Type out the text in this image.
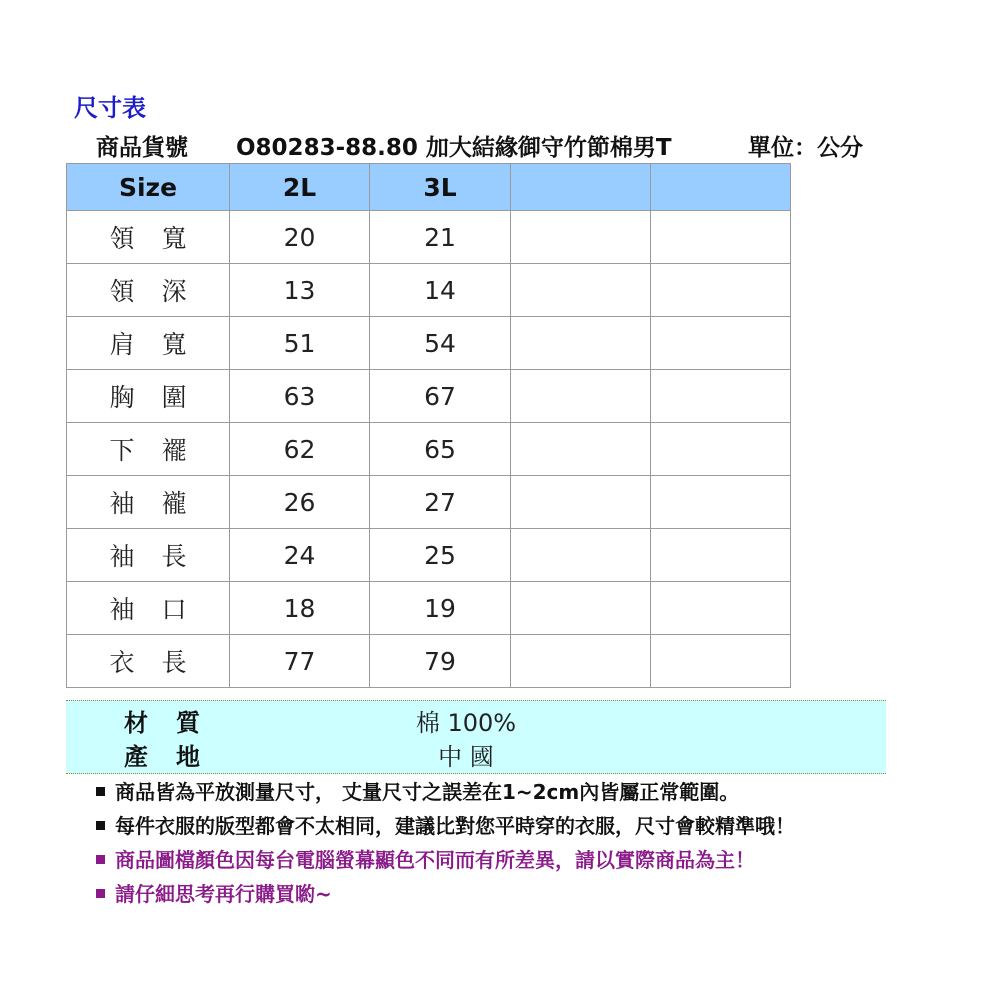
尺寸表
商品貨號 O80283-88.80 加大結緣御守竹節棉男T	單位：公分
Size	2L	3L		
領 寬	20	21		
領 深	13	14		
肩 寬	51	54		
胸 圍	63	67		
下 襬	62	65		
袖 襱	26	27		
袖 長	24	25		
袖 口	18	19		
衣 長	77	79		
材 質	棉 100%
產 地	中 國
商品皆為平放測量尺寸， 丈量尺寸之誤差在1~2cm內皆屬正常範圍。
每件衣服的版型都會不太相同，建議比對您平時穿的衣服，尺寸會較精準哦！
商品圖檔顏色因每台電腦螢幕顯色不同而有所差異，請以實際商品為主！
請仔細思考再行購買喲~
